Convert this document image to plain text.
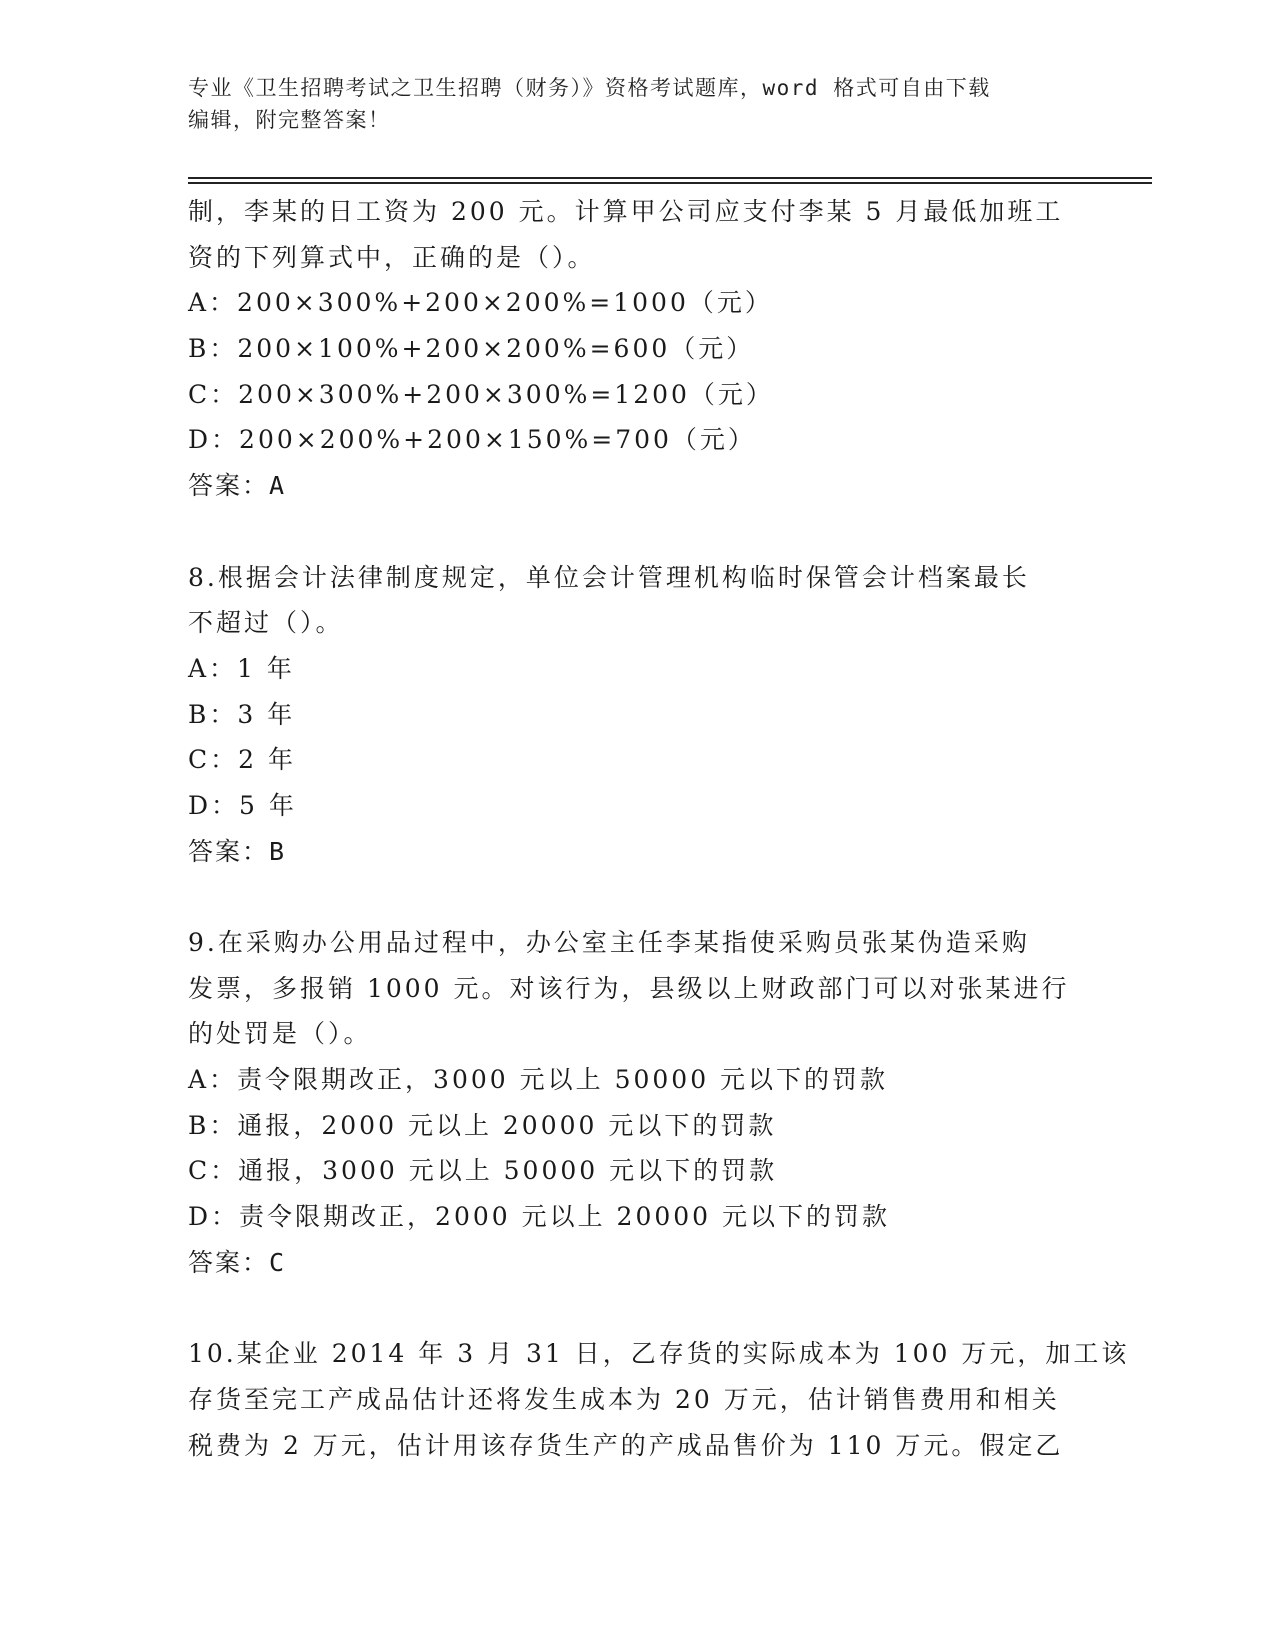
专业《卫生招聘考试之卫生招聘（财务）》资格考试题库，word 格式可自由下载
编辑，附完整答案！
制，李某的日工资为 200 元。计算甲公司应支付李某 5 月最低加班工
资的下列算式中，正确的是（）。
A：200×300%+200×200%=1000（元）
B：200×100%+200×200%=600（元）
C：200×300%+200×300%=1200（元）
D：200×200%+200×150%=700（元）
答案：A
8.根据会计法律制度规定，单位会计管理机构临时保管会计档案最长
不超过（）。
A：1 年
B：3 年
C：2 年
D：5 年
答案：B
9.在采购办公用品过程中，办公室主任李某指使采购员张某伪造采购
发票，多报销 1000 元。对该行为，县级以上财政部门可以对张某进行
的处罚是（）。
A：责令限期改正，3000 元以上 50000 元以下的罚款
B：通报，2000 元以上 20000 元以下的罚款
C：通报，3000 元以上 50000 元以下的罚款
D：责令限期改正，2000 元以上 20000 元以下的罚款
答案：C
10.某企业 2014 年 3 月 31 日，乙存货的实际成本为 100 万元，加工该
存货至完工产成品估计还将发生成本为 20 万元，估计销售费用和相关
税费为 2 万元，估计用该存货生产的产成品售价为 110 万元。假定乙
